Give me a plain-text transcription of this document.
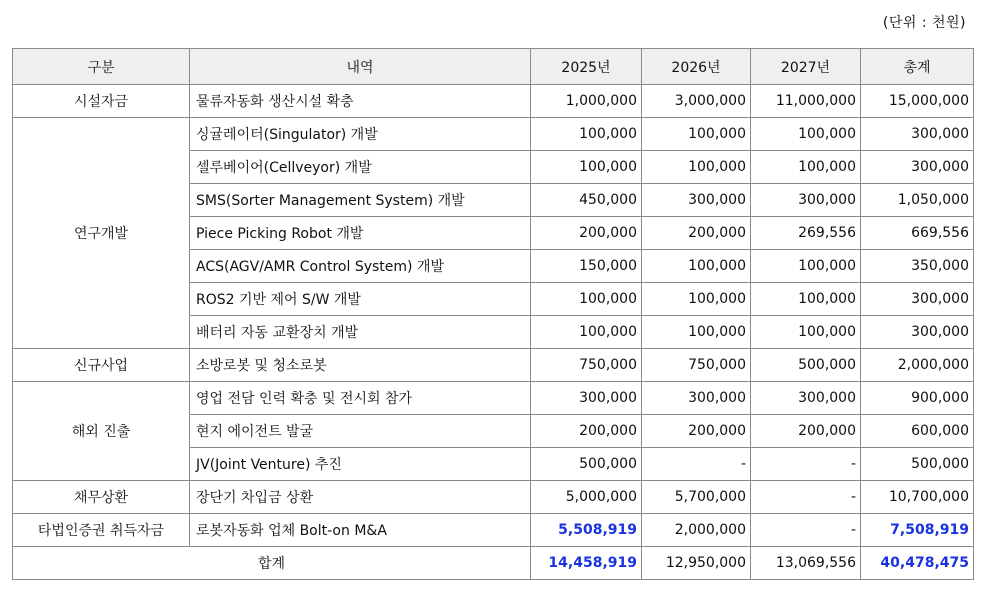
(단위 : 천원)
구분	내역	2025년	2026년	2027년	총계
시설자금	물류자동화 생산시설 확충	1,000,000	3,000,000	11,000,000	15,000,000
연구개발	싱귤레이터(Singulator) 개발	100,000	100,000	100,000	300,000
	셀루베이어(Cellveyor) 개발	100,000	100,000	100,000	300,000
	SMS(Sorter Management System) 개발	450,000	300,000	300,000	1,050,000
	Piece Picking Robot 개발	200,000	200,000	269,556	669,556
	ACS(AGV/AMR Control System) 개발	150,000	100,000	100,000	350,000
	ROS2 기반 제어 S/W 개발	100,000	100,000	100,000	300,000
	배터리 자동 교환장치 개발	100,000	100,000	100,000	300,000
신규사업	소방로봇 및 청소로봇	750,000	750,000	500,000	2,000,000
해외 진출	영업 전담 인력 확충 및 전시회 참가	300,000	300,000	300,000	900,000
	현지 에이전트 발굴	200,000	200,000	200,000	600,000
	JV(Joint Venture) 추진	500,000	-	-	500,000
채무상환	장단기 차입금 상환	5,000,000	5,700,000	-	10,700,000
타법인증권 취득자금	로봇자동화 업체 Bolt-on M&A	5,508,919	2,000,000	-	7,508,919
합계		14,458,919	12,950,000	13,069,556	40,478,475
